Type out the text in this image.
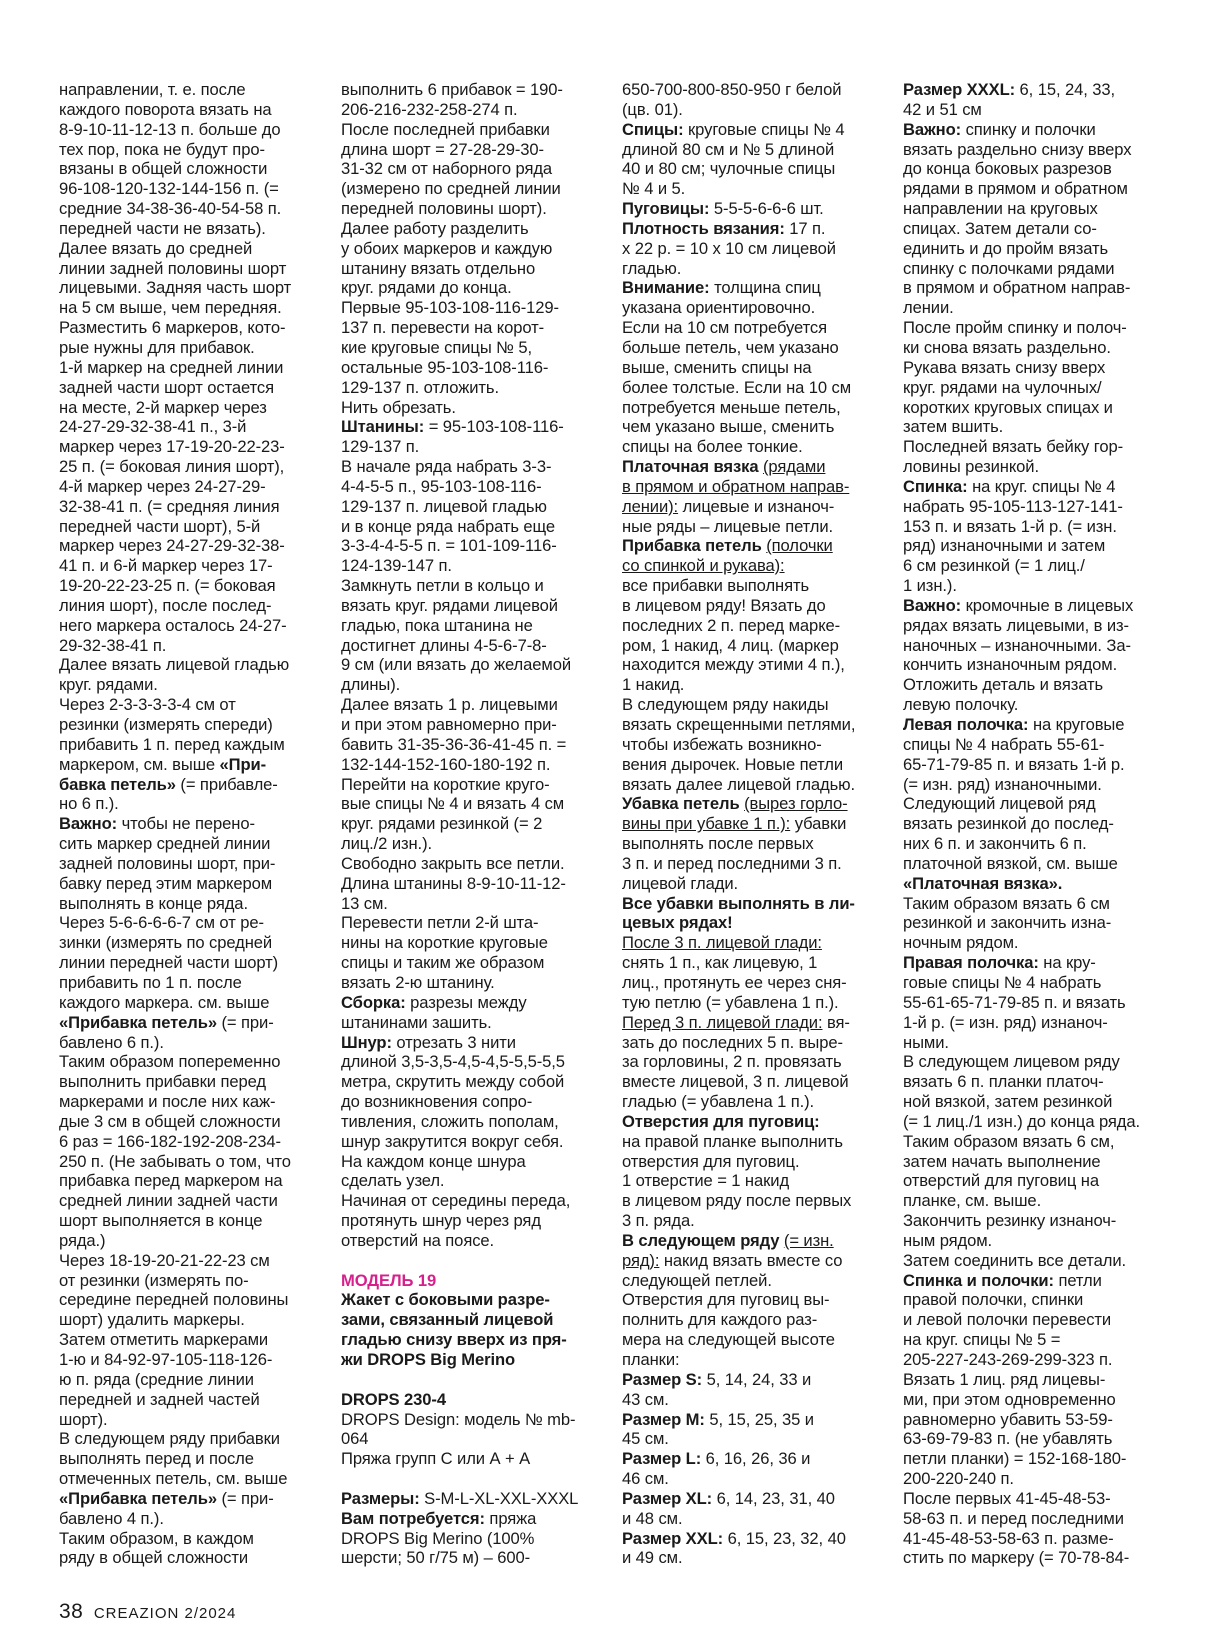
направлении, т. е. после
каждого поворота вязать на
8-9-10-11-12-13 п. больше до
тех пор, пока не будут про-
вязаны в общей сложности
96-108-120-132-144-156 п. (=
средние 34-38-36-40-54-58 п.
передней части не вязать).
Далее вязать до средней
линии задней половины шорт
лицевыми. Задняя часть шорт
на 5 см выше, чем передняя.
Разместить 6 маркеров, кото-
рые нужны для прибавок.
1-й маркер на средней линии
задней части шорт остается
на месте, 2-й маркер через
24-27-29-32-38-41 п., 3-й
маркер через 17-19-20-22-23-
25 п. (= боковая линия шорт),
4-й маркер через 24-27-29-
32-38-41 п. (= средняя линия
передней части шорт), 5-й
маркер через 24-27-29-32-38-
41 п. и 6-й маркер через 17-
19-20-22-23-25 п. (= боковая
линия шорт), после послед-
него маркера осталось 24-27-
29-32-38-41 п.
Далее вязать лицевой гладью
круг. рядами.
Через 2-3-3-3-3-4 см от
резинки (измерять спереди)
прибавить 1 п. перед каждым
маркером, см. выше «При-
бавка петель» (= прибавле-
но 6 п.).
Важно: чтобы не перено-
сить маркер средней линии
задней половины шорт, при-
бавку перед этим маркером
выполнять в конце ряда.
Через 5-6-6-6-6-7 см от ре-
зинки (измерять по средней
линии передней части шорт)
прибавить по 1 п. после
каждого маркера. см. выше
«Прибавка петель» (= при-
бавлено 6 п.).
Таким образом попеременно
выполнить прибавки перед
маркерами и после них каж-
дые 3 см в общей сложности
6 раз = 166-182-192-208-234-
250 п. (Не забывать о том, что
прибавка перед маркером на
средней линии задней части
шорт выполняется в конце
ряда.)
Через 18-19-20-21-22-23 см
от резинки (измерять по-
середине передней половины
шорт) удалить маркеры.
Затем отметить маркерами
1-ю и 84-92-97-105-118-126-
ю п. ряда (средние линии
передней и задней частей
шорт).
В следующем ряду прибавки
выполнять перед и после
отмеченных петель, см. выше
«Прибавка петель» (= при-
бавлено 4 п.).
Таким образом, в каждом
ряду в общей сложности
выполнить 6 прибавок = 190-
206-216-232-258-274 п.
После последней прибавки
длина шорт = 27-28-29-30-
31-32 см от наборного ряда
(измерено по средней линии
передней половины шорт).
Далее работу разделить
у обоих маркеров и каждую
штанину вязать отдельно
круг. рядами до конца.
Первые 95-103-108-116-129-
137 п. перевести на корот-
кие круговые спицы № 5,
остальные 95-103-108-116-
129-137 п. отложить.
Нить обрезать.
Штанины: = 95-103-108-116-
129-137 п.
В начале ряда набрать 3-3-
4-4-5-5 п., 95-103-108-116-
129-137 п. лицевой гладью
и в конце ряда набрать еще
3-3-4-4-5-5 п. = 101-109-116-
124-139-147 п.
Замкнуть петли в кольцо и
вязать круг. рядами лицевой
гладью, пока штанина не
достигнет длины 4-5-6-7-8-
9 см (или вязать до желаемой
длины).
Далее вязать 1 р. лицевыми
и при этом равномерно при-
бавить 31-35-36-36-41-45 п. =
132-144-152-160-180-192 п.
Перейти на короткие круго-
вые спицы № 4 и вязать 4 см
круг. рядами резинкой (= 2
лиц./2 изн.).
Свободно закрыть все петли.
Длина штанины 8-9-10-11-12-
13 см.
Перевести петли 2-й шта-
нины на короткие круговые
спицы и таким же образом
вязать 2-ю штанину.
Сборка: разрезы между
штанинами зашить.
Шнур: отрезать 3 нити
длиной 3,5-3,5-4,5-4,5-5,5-5,5
метра, скрутить между собой
до возникновения сопро-
тивления, сложить пополам,
шнур закрутится вокруг себя.
На каждом конце шнура
сделать узел.
Начиная от середины переда,
протянуть шнур через ряд
отверстий на поясе.
МОДЕЛЬ 19
Жакет с боковыми разре-
зами, связанный лицевой
гладью снизу вверх из пря-
жи DROPS Big Merino
DROPS 230-4
DROPS Design: модель № mb-
064
Пряжа групп С или А + А
Размеры: S-M-L-XL-XXL-XXXL
Вам потребуется: пряжа
DROPS Big Merino (100%
шерсти; 50 г/75 м) – 600-
650-700-800-850-950 г белой
(цв. 01).
Спицы: круговые спицы № 4
длиной 80 см и № 5 длиной
40 и 80 см; чулочные спицы
№ 4 и 5.
Пуговицы: 5-5-5-6-6-6 шт.
Плотность вязания: 17 п.
х 22 р. = 10 х 10 см лицевой
гладью.
Внимание: толщина спиц
указана ориентировочно.
Если на 10 см потребуется
больше петель, чем указано
выше, сменить спицы на
более толстые. Если на 10 см
потребуется меньше петель,
чем указано выше, сменить
спицы на более тонкие.
Платочная вязка (рядами
в прямом и обратном направ-
лении): лицевые и изнаноч-
ные ряды – лицевые петли.
Прибавка петель (полочки
со спинкой и рукава):
все прибавки выполнять
в лицевом ряду! Вязать до
последних 2 п. перед марке-
ром, 1 накид, 4 лиц. (маркер
находится между этими 4 п.),
1 накид.
В следующем ряду накиды
вязать скрещенными петлями,
чтобы избежать возникно-
вения дырочек. Новые петли
вязать далее лицевой гладью.
Убавка петель (вырез горло-
вины при убавке 1 п.): убавки
выполнять после первых
3 п. и перед последними 3 п.
лицевой глади.
Все убавки выполнять в ли-
цевых рядах!
После 3 п. лицевой глади:
снять 1 п., как лицевую, 1
лиц., протянуть ее через сня-
тую петлю (= убавлена 1 п.).
Перед 3 п. лицевой глади: вя-
зать до последних 5 п. выре-
за горловины, 2 п. провязать
вместе лицевой, 3 п. лицевой
гладью (= убавлена 1 п.).
Отверстия для пуговиц:
на правой планке выполнить
отверстия для пуговиц.
1 отверстие = 1 накид
в лицевом ряду после первых
3 п. ряда.
В следующем ряду (= изн.
ряд): накид вязать вместе со
следующей петлей.
Отверстия для пуговиц вы-
полнить для каждого раз-
мера на следующей высоте
планки:
Размер S: 5, 14, 24, 33 и
43 см.
Размер M: 5, 15, 25, 35 и
45 см.
Размер L: 6, 16, 26, 36 и
46 см.
Размер XL: 6, 14, 23, 31, 40
и 48 см.
Размер XXL: 6, 15, 23, 32, 40
и 49 см.
Размер XXXL: 6, 15, 24, 33,
42 и 51 см
Важно: спинку и полочки
вязать раздельно снизу вверх
до конца боковых разрезов
рядами в прямом и обратном
направлении на круговых
спицах. Затем детали со-
единить и до пройм вязать
спинку с полочками рядами
в прямом и обратном направ-
лении.
После пройм спинку и полоч-
ки снова вязать раздельно.
Рукава вязать снизу вверх
круг. рядами на чулочных/
коротких круговых спицах и
затем вшить.
Последней вязать бейку гор-
ловины резинкой.
Спинка: на круг. спицы № 4
набрать 95-105-113-127-141-
153 п. и вязать 1-й р. (= изн.
ряд) изнаночными и затем
6 см резинкой (= 1 лиц./
1 изн.).
Важно: кромочные в лицевых
рядах вязать лицевыми, в из-
наночных – изнаночными. За-
кончить изнаночным рядом.
Отложить деталь и вязать
левую полочку.
Левая полочка: на круговые
спицы № 4 набрать 55-61-
65-71-79-85 п. и вязать 1-й р.
(= изн. ряд) изнаночными.
Следующий лицевой ряд
вязать резинкой до послед-
них 6 п. и закончить 6 п.
платочной вязкой, см. выше
«Платочная вязка».
Таким образом вязать 6 см
резинкой и закончить изна-
ночным рядом.
Правая полочка: на кру-
говые спицы № 4 набрать
55-61-65-71-79-85 п. и вязать
1-й р. (= изн. ряд) изнаноч-
ными.
В следующем лицевом ряду
вязать 6 п. планки платоч-
ной вязкой, затем резинкой
(= 1 лиц./1 изн.) до конца ряда.
Таким образом вязать 6 см,
затем начать выполнение
отверстий для пуговиц на
планке, см. выше.
Закончить резинку изнаноч-
ным рядом.
Затем соединить все детали.
Спинка и полочки: петли
правой полочки, спинки
и левой полочки перевести
на круг. спицы № 5 =
205-227-243-269-299-323 п.
Вязать 1 лиц. ряд лицевы-
ми, при этом одновременно
равномерно убавить 53-59-
63-69-79-83 п. (не убавлять
петли планки) = 152-168-180-
200-220-240 п.
После первых 41-45-48-53-
58-63 п. и перед последними
41-45-48-53-58-63 п. разме-
стить по маркеру (= 70-78-84-
38 CREAZION 2/2024
